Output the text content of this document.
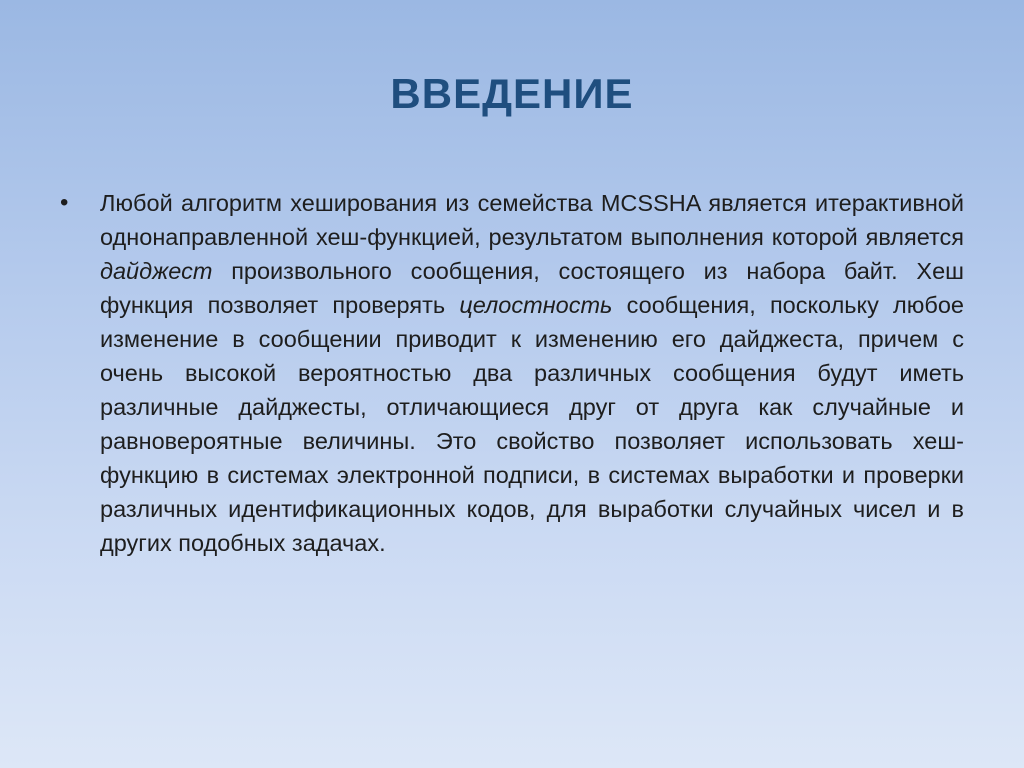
ВВЕДЕНИЕ
•	Любой алгоритм хеширования из семейства MCSSHA является итерактивной однонаправленной хеш-функцией, результатом выполнения которой является дайджест произвольного сообщения, состоящего из набора байт. Хеш функция позволяет проверять целостность сообщения, поскольку любое изменение в сообщении приводит к изменению его дайджеста, причем с очень высокой вероятностью два различных сообщения будут иметь различные дайджесты, отличающиеся друг от друга как случайные и равновероятные величины. Это свойство позволяет использовать хеш-функцию в системах электронной подписи, в системах выработки и проверки различных идентификационных кодов, для выработки случайных чисел и в других подобных задачах.
